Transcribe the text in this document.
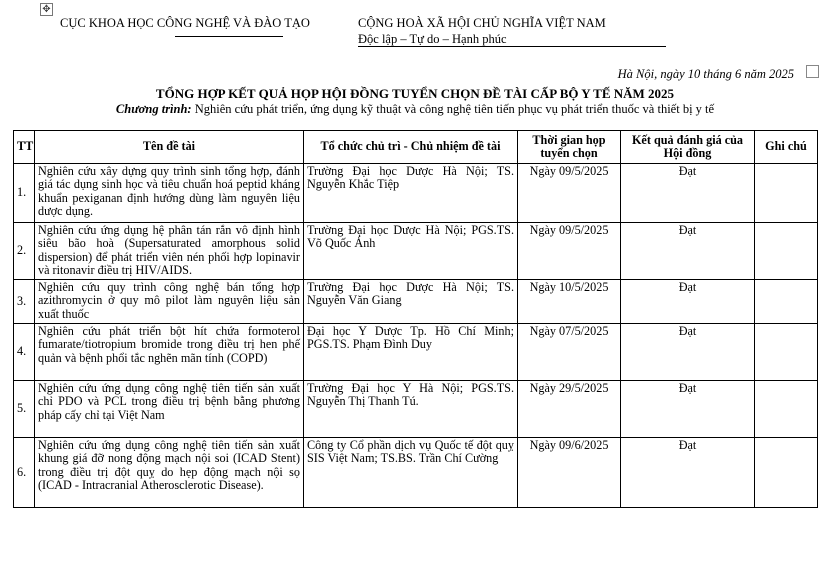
✥
CỤC KHOA HỌC CÔNG NGHỆ VÀ ĐÀO TẠO	CỘNG HOÀ XÃ HỘI CHỦ NGHĨA VIỆT NAM
Độc lập – Tự do – Hạnh phúc
Hà Nội, ngày 10 tháng 6 năm 2025
TỔNG HỢP KẾT QUẢ HỌP HỘI ĐỒNG TUYỂN CHỌN ĐỀ TÀI CẤP BỘ Y TẾ NĂM 2025
Chương trình: Nghiên cứu phát triển, ứng dụng kỹ thuật và công nghệ tiên tiến phục vụ phát triển thuốc và thiết bị y tế
TT	Tên đề tài	Tổ chức chủ trì - Chủ nhiệm đề tài	Thời gian họp tuyển chọn	Kết quả đánh giá của Hội đồng	Ghi chú
1.	Nghiên cứu xây dựng quy trình sinh tổng hợp, đánh giá tác dụng sinh học và tiêu chuẩn hoá peptid kháng khuẩn pexiganan định hướng dùng làm nguyên liệu dược dụng.	Trường Đại học Dược Hà Nội; TS. Nguyễn Khắc Tiệp	Ngày 09/5/2025	Đạt	
2.	Nghiên cứu ứng dụng hệ phân tán rắn vô định hình siêu bão hoà (Supersaturated amorphous solid dispersion) để phát triển viên nén phối hợp lopinavir và ritonavir điều trị HIV/AIDS.	Trường Đại học Dược Hà Nội; PGS.TS. Võ Quốc Ánh	Ngày 09/5/2025	Đạt	
3.	Nghiên cứu quy trình công nghệ bán tổng hợp azithromycin ở quy mô pilot làm nguyên liệu sản xuất thuốc	Trường Đại học Dược Hà Nội; TS. Nguyễn Văn Giang	Ngày 10/5/2025	Đạt	
4.	Nghiên cứu phát triển bột hít chứa formoterol fumarate/tiotropium bromide trong điều trị hen phế quản và bệnh phổi tắc nghẽn mãn tính (COPD)	Đại học Y Dược Tp. Hồ Chí Minh; PGS.TS. Phạm Đình Duy	Ngày 07/5/2025	Đạt	
5.	Nghiên cứu ứng dụng công nghệ tiên tiến sản xuất chỉ PDO và PCL trong điều trị bệnh bằng phương pháp cấy chỉ tại Việt Nam	Trường Đại học Y Hà Nội; PGS.TS. Nguyễn Thị Thanh Tú.	Ngày 29/5/2025	Đạt	
6.	Nghiên cứu ứng dụng công nghệ tiên tiến sản xuất khung giá đỡ nong động mạch nội soi (ICAD Stent) trong điều trị đột quỵ do hẹp động mạch nội sọ (ICAD - Intracranial Atherosclerotic Disease).	Công ty Cổ phần dịch vụ Quốc tế đột quỵ SIS Việt Nam; TS.BS. Trần Chí Cường	Ngày 09/6/2025	Đạt	
